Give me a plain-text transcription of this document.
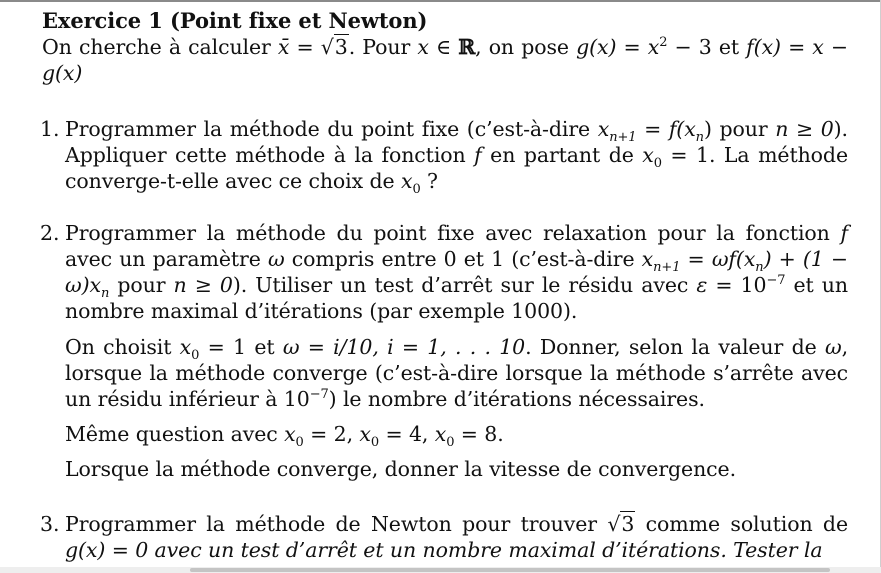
Exercice 1 (Point fixe et Newton)

On cherche à calculer x̄ = √3. Pour x ∈ ℝ, on pose $g(x) = x^2 - 3$ et f(x) = x − g(x)

1. Programmer la méthode du point fixe (c’est-à-dire $x_{n+1} = f(x_n)$ pour n ≥ 0). Appliquer cette méthode à la fonction f en partant de $x_0 = 1$. La méthode converge-t-elle avec ce choix de $x_0$ ?

2. Programmer la méthode du point fixe avec relaxation pour la fonction f avec un paramètre ω compris entre 0 et 1 (c’est-à-dire $x_{n+1} = \omega f(x_n) + (1 - \omega)x_n$ pour n ≥ 0). Utiliser un test d’arrêt sur le résidu avec $\varepsilon = 10^{-7}$ et un nombre maximal d’itérations (par exemple 1000).

On choisit $x_0 = 1$ et ω = i/10, i = 1, . . . 10. Donner, selon la valeur de ω, lorsque la méthode converge (c’est-à-dire lorsque la méthode s’arrête avec un résidu inférieur à $10^{-7}$) le nombre d’itérations nécessaires.

Même question avec $x_0 = 2$, $x_0 = 4$, $x_0 = 8$.

Lorsque la méthode converge, donner la vitesse de convergence.

3. Programmer la méthode de Newton pour trouver √3 comme solution de g(x) = 0 avec un test d’arrêt et un nombre maximal d’itérations. Tester la
